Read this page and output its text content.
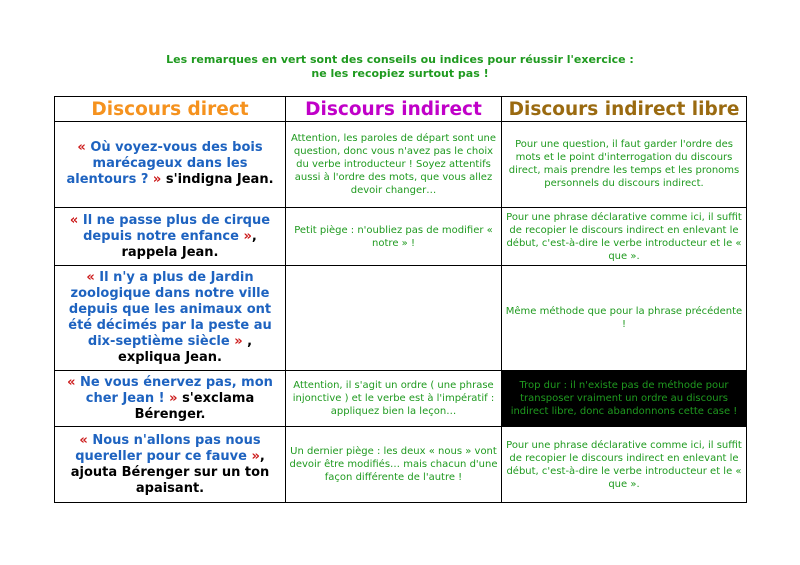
Les remarques en vert sont des conseils ou indices pour réussir l'exercice :
ne les recopiez surtout pas !
Discours direct	Discours indirect	Discours indirect libre
« Où voyez-vous des bois marécageux dans les alentours ? » s'indigna Jean.	Attention, les paroles de départ sont une question, donc vous n'avez pas le choix du verbe introducteur ! Soyez attentifs aussi à l'ordre des mots, que vous allez devoir changer…	Pour une question, il faut garder l'ordre des mots et le point d'interrogation du discours direct, mais prendre les temps et les pronoms personnels du discours indirect.
« Il ne passe plus de cirque depuis notre enfance », rappela Jean.	Petit piège : n'oubliez pas de modifier « notre » !	Pour une phrase déclarative comme ici, il suffit de recopier le discours indirect en enlevant le début, c'est-à-dire le verbe introducteur et le « que ».
« Il n'y a plus de Jardin zoologique dans notre ville depuis que les animaux ont été décimés par la peste au dix-septième siècle » , expliqua Jean.		Même méthode que pour la phrase précédente !
« Ne vous énervez pas, mon cher Jean ! » s'exclama Bérenger.	Attention, il s'agit un ordre ( une phrase injonctive ) et le verbe est à l'impératif : appliquez bien la leçon…	Trop dur : il n'existe pas de méthode pour transposer vraiment un ordre au discours indirect libre, donc abandonnons cette case !
« Nous n'allons pas nous quereller pour ce fauve », ajouta Bérenger sur un ton apaisant.	Un dernier piège : les deux « nous » vont devoir être modifiés… mais chacun d'une façon différente de l'autre !	Pour une phrase déclarative comme ici, il suffit de recopier le discours indirect en enlevant le début, c'est-à-dire le verbe introducteur et le « que ».
